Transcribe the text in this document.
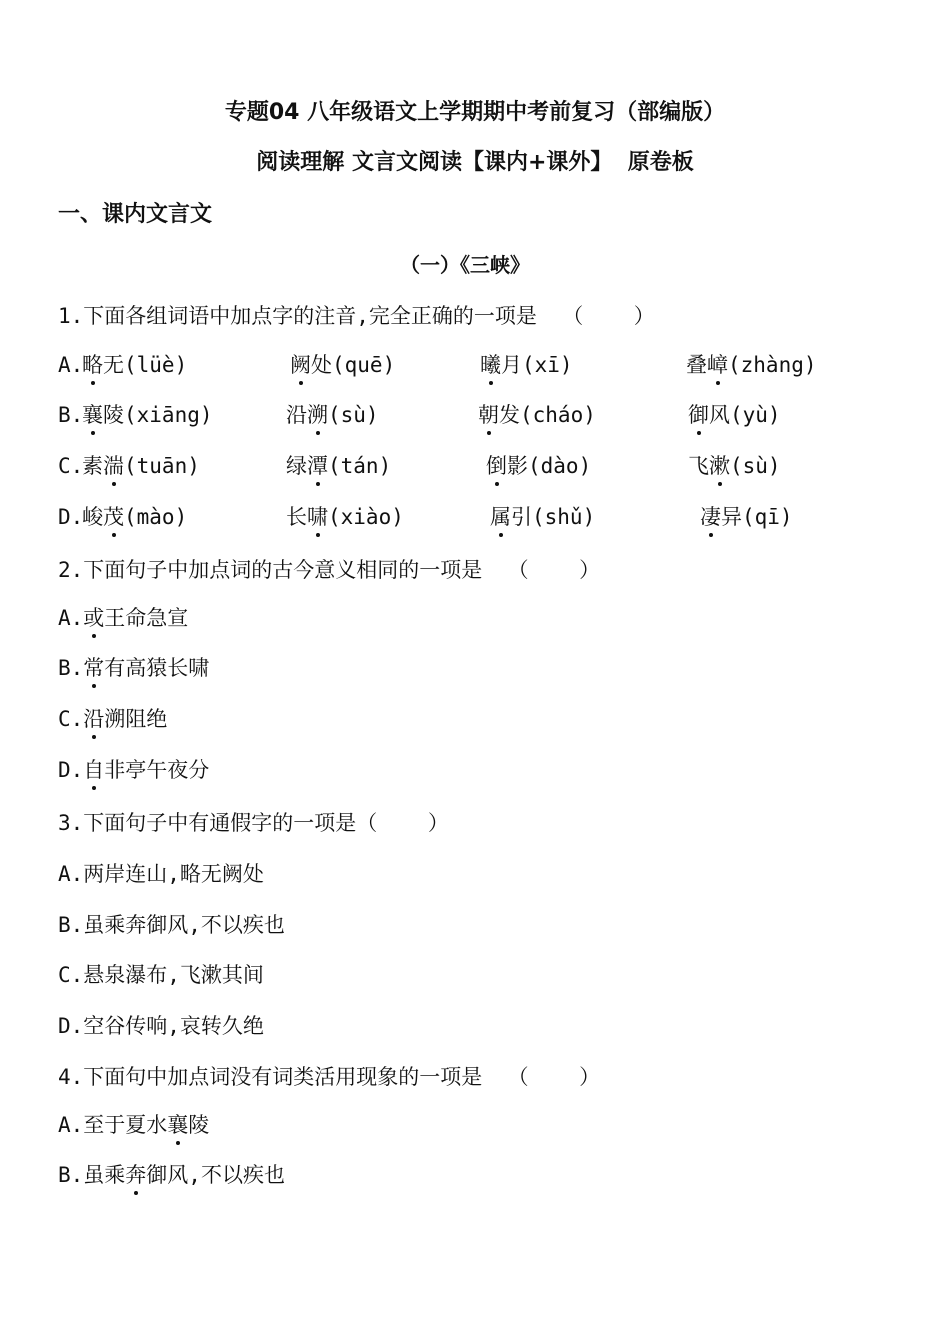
专题04 八年级语文上学期期中考前复习（部编版）
阅读理解 文言文阅读【课内+课外】  原卷板
一、课内文言文
（一）《三峡》
1.下面各组词语中加点字的注音,完全正确的一项是  （    ）
A.
略无(lüè)	阙处(quē)	曦月(xī)	叠嶂(zhàng)
B.
襄陵(xiāng)	沿溯(sù)	朝发(cháo)	御风(yù)
C.
素湍(tuān)	绿潭(tán)	倒影(dào)	飞漱(sù)
D.
峻茂(mào)	长啸(xiào)	属引(shǔ)	凄异(qī)
2.下面句子中加点词的古今意义相同的一项是  （    ）
A.或王命急宣
B.常有高猿长啸
C.沿溯阻绝
D.自非亭午夜分
3.下面句子中有通假字的一项是（    ）
A.两岸连山,略无阙处
B.虽乘奔御风,不以疾也
C.悬泉瀑布,飞漱其间
D.空谷传响,哀转久绝
4.下面句中加点词没有词类活用现象的一项是  （    ）
A.至于夏水襄陵
B.虽乘奔御风,不以疾也
